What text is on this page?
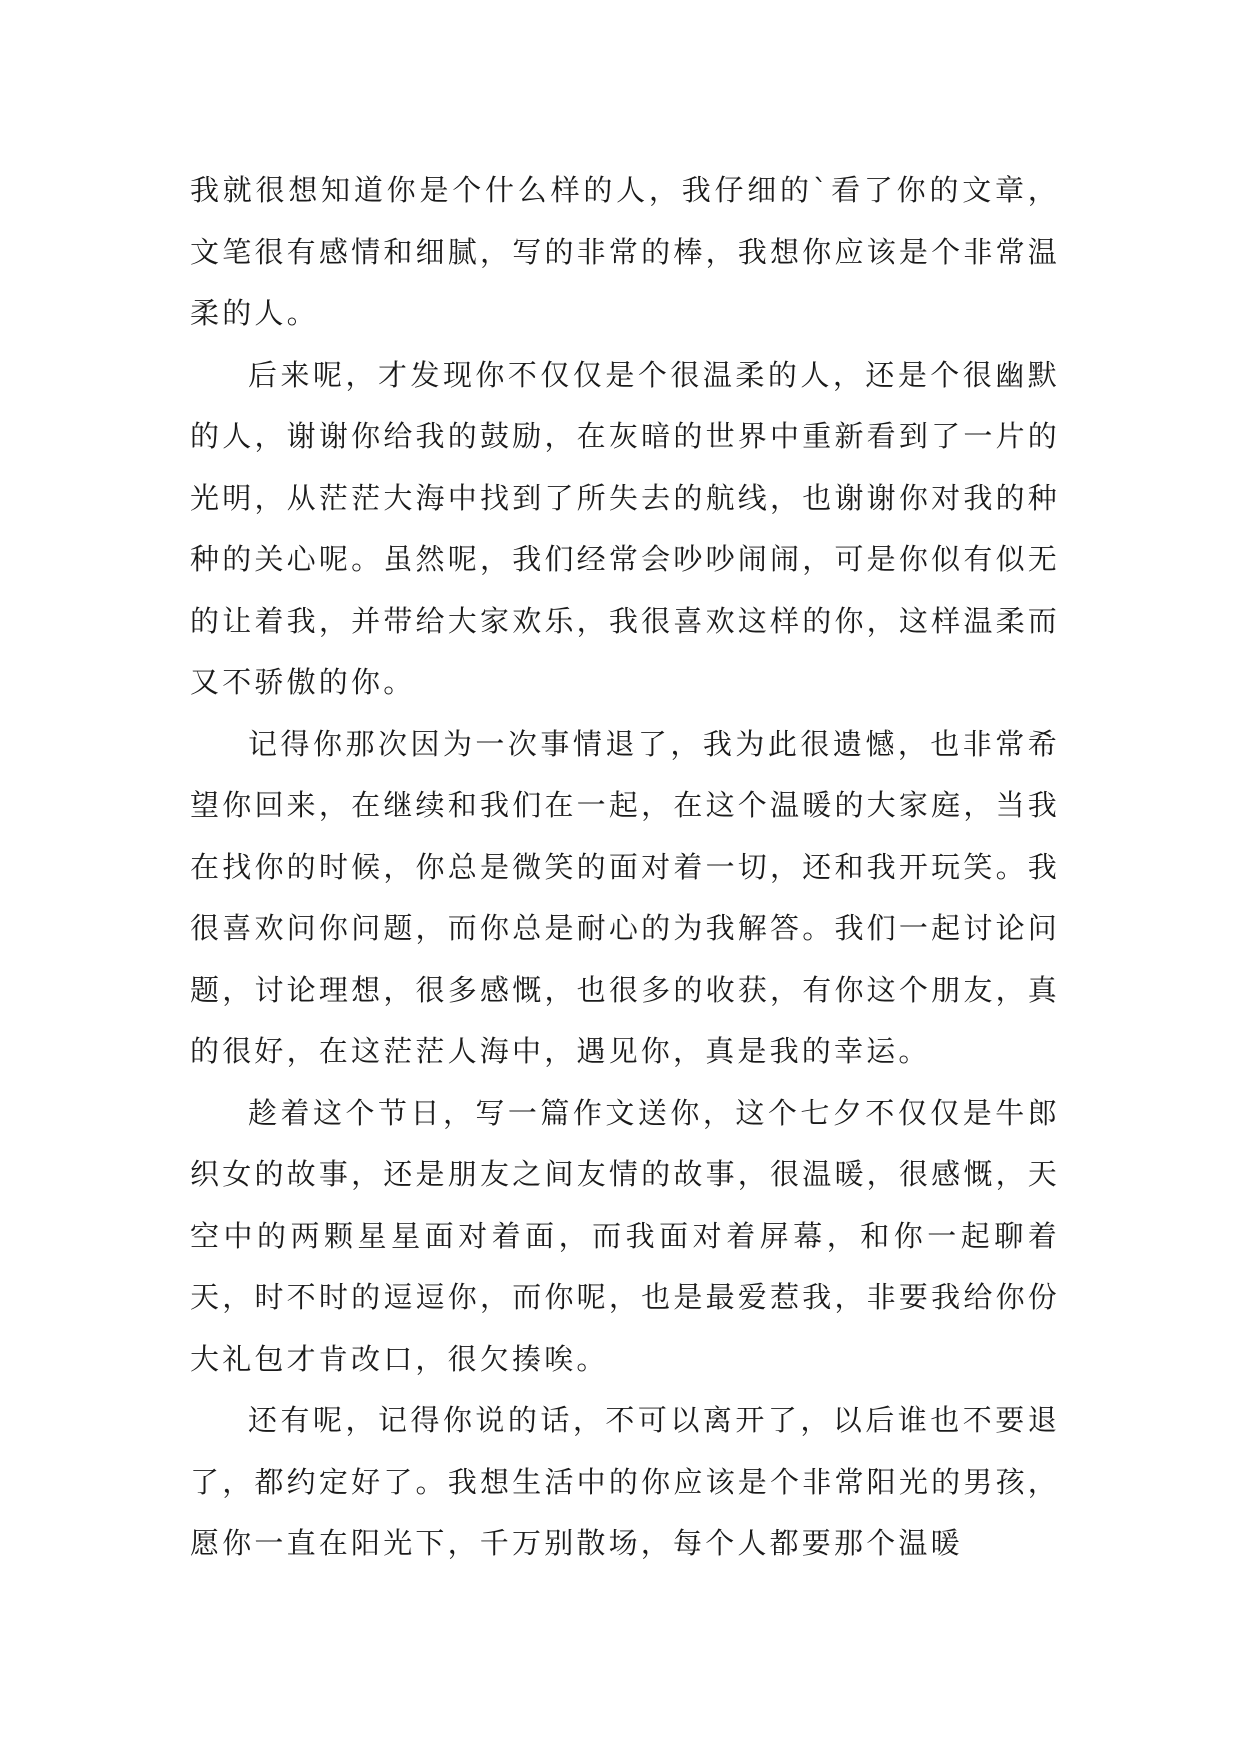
我就很想知道你是个什么样的人，我仔细的`看了你的文章，文笔很有感情和细腻，写的非常的棒，我想你应该是个非常温柔的人。

后来呢，才发现你不仅仅是个很温柔的人，还是个很幽默的人，谢谢你给我的鼓励，在灰暗的世界中重新看到了一片的光明，从茫茫大海中找到了所失去的航线，也谢谢你对我的种种的关心呢。虽然呢，我们经常会吵吵闹闹，可是你似有似无的让着我，并带给大家欢乐，我很喜欢这样的你，这样温柔而又不骄傲的你。

记得你那次因为一次事情退了，我为此很遗憾，也非常希望你回来，在继续和我们在一起，在这个温暖的大家庭，当我在找你的时候，你总是微笑的面对着一切，还和我开玩笑。我很喜欢问你问题，而你总是耐心的为我解答。我们一起讨论问题，讨论理想，很多感慨，也很多的收获，有你这个朋友，真的很好，在这茫茫人海中，遇见你，真是我的幸运。

趁着这个节日，写一篇作文送你，这个七夕不仅仅是牛郎织女的故事，还是朋友之间友情的故事，很温暖，很感慨，天空中的两颗星星面对着面，而我面对着屏幕，和你一起聊着天，时不时的逗逗你，而你呢，也是最爱惹我，非要我给你份大礼包才肯改口，很欠揍唉。

还有呢，记得你说的话，不可以离开了，以后谁也不要退了，都约定好了。我想生活中的你应该是个非常阳光的男孩，愿你一直在阳光下，千万别散场，每个人都要那个温暖
